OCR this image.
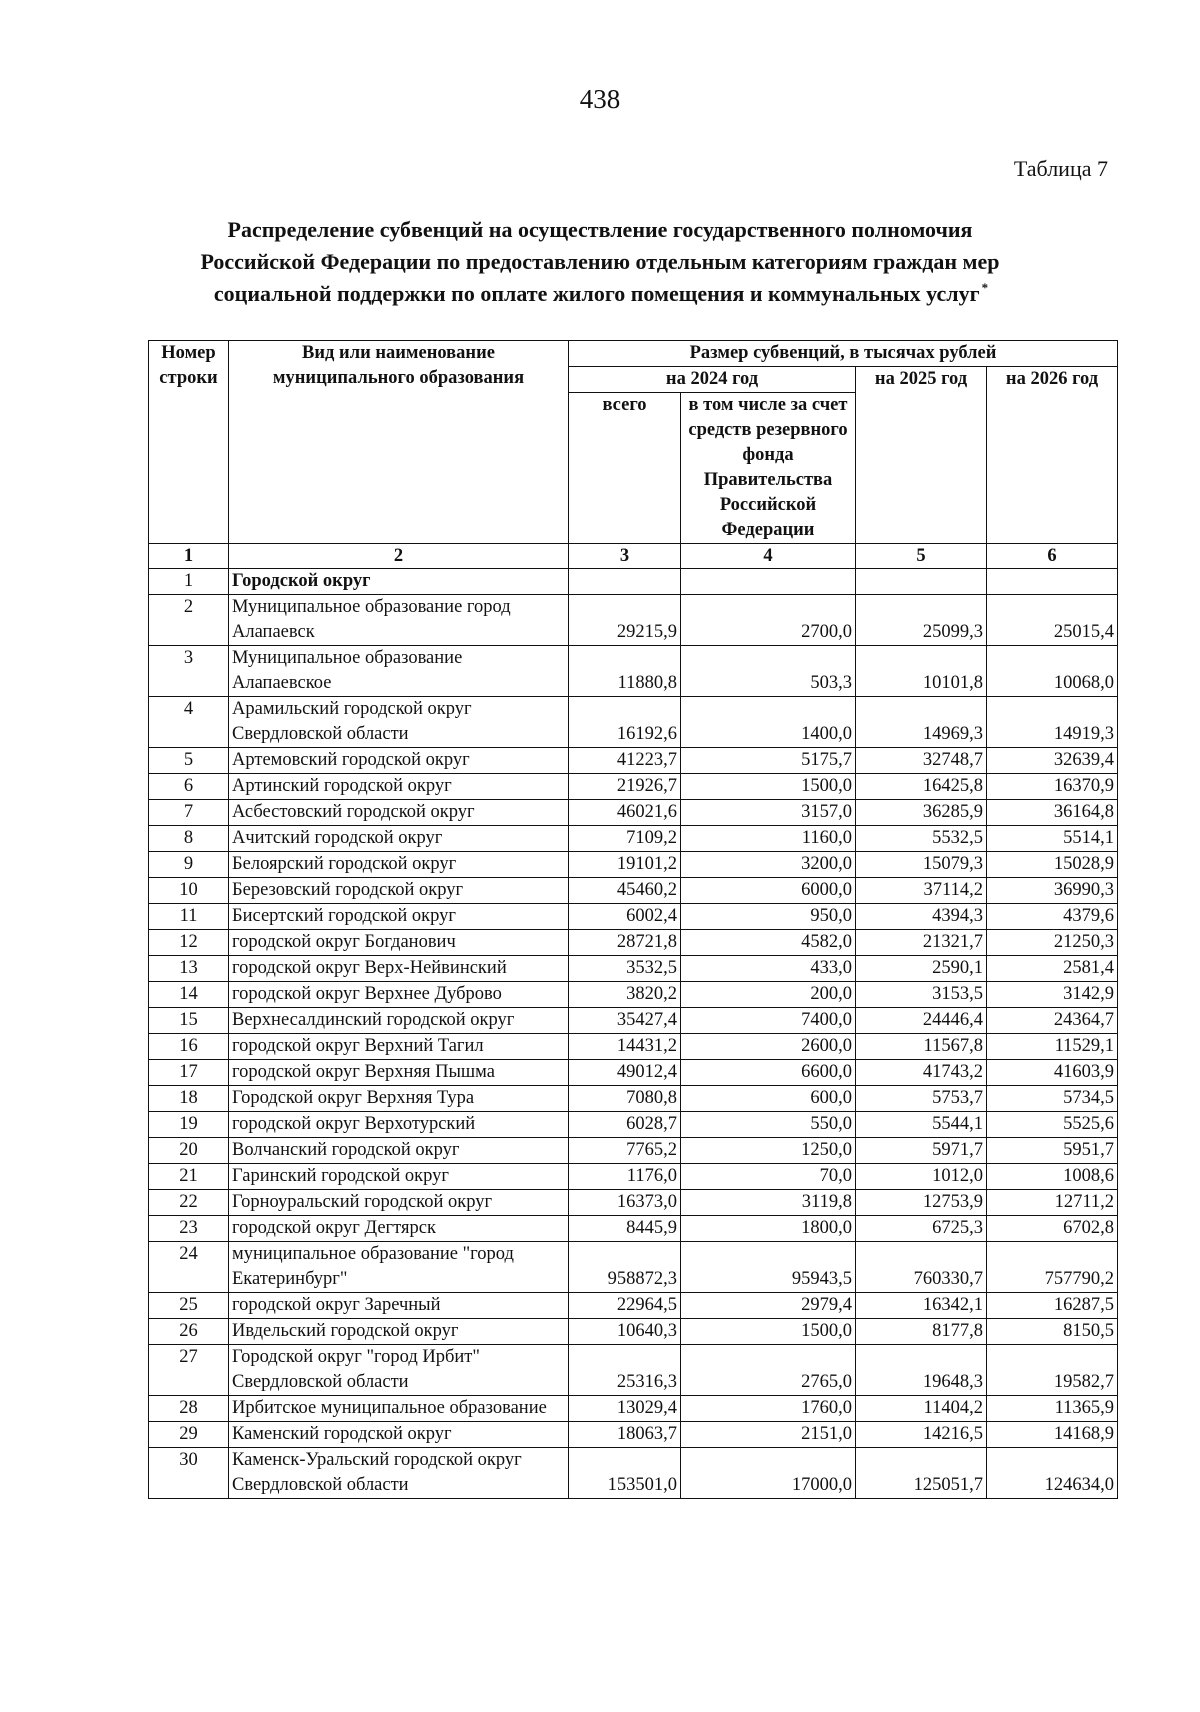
438
Таблица 7
Распределение субвенций на осуществление государственного полномочия
Российской Федерации по предоставлению отдельным категориям граждан мер
социальной поддержки по оплате жилого помещения и коммунальных услуг *
Номер строки	Вид или наименование муниципального образования	Размер субвенций, в тысячах рублей			
		на 2024 год		на 2025 год	на 2026 год
		всего	в том числе за счет средств резервного фонда Правительства Российской Федерации		
1	2	3	4	5	6
1	Городской округ				
2	Муниципальное образование город Алапаевск	29215,9	2700,0	25099,3	25015,4
3	Муниципальное образование Алапаевское	11880,8	503,3	10101,8	10068,0
4	Арамильский городской округ Свердловской области	16192,6	1400,0	14969,3	14919,3
5	Артемовский городской округ	41223,7	5175,7	32748,7	32639,4
6	Артинский городской округ	21926,7	1500,0	16425,8	16370,9
7	Асбестовский городской округ	46021,6	3157,0	36285,9	36164,8
8	Ачитский городской округ	7109,2	1160,0	5532,5	5514,1
9	Белоярский городской округ	19101,2	3200,0	15079,3	15028,9
10	Березовский городской округ	45460,2	6000,0	37114,2	36990,3
11	Бисертский городской округ	6002,4	950,0	4394,3	4379,6
12	городской округ Богданович	28721,8	4582,0	21321,7	21250,3
13	городской округ Верх-Нейвинский	3532,5	433,0	2590,1	2581,4
14	городской округ Верхнее Дуброво	3820,2	200,0	3153,5	3142,9
15	Верхнесалдинский городской округ	35427,4	7400,0	24446,4	24364,7
16	городской округ Верхний Тагил	14431,2	2600,0	11567,8	11529,1
17	городской округ Верхняя Пышма	49012,4	6600,0	41743,2	41603,9
18	Городской округ Верхняя Тура	7080,8	600,0	5753,7	5734,5
19	городской округ Верхотурский	6028,7	550,0	5544,1	5525,6
20	Волчанский городской округ	7765,2	1250,0	5971,7	5951,7
21	Гаринский городской округ	1176,0	70,0	1012,0	1008,6
22	Горноуральский городской округ	16373,0	3119,8	12753,9	12711,2
23	городской округ Дегтярск	8445,9	1800,0	6725,3	6702,8
24	муниципальное образование "город Екатеринбург"	958872,3	95943,5	760330,7	757790,2
25	городской округ Заречный	22964,5	2979,4	16342,1	16287,5
26	Ивдельский городской округ	10640,3	1500,0	8177,8	8150,5
27	Городской округ "город Ирбит" Свердловской области	25316,3	2765,0	19648,3	19582,7
28	Ирбитское муниципальное образование	13029,4	1760,0	11404,2	11365,9
29	Каменский городской округ	18063,7	2151,0	14216,5	14168,9
30	Каменск-Уральский городской округ Свердловской области	153501,0	17000,0	125051,7	124634,0
